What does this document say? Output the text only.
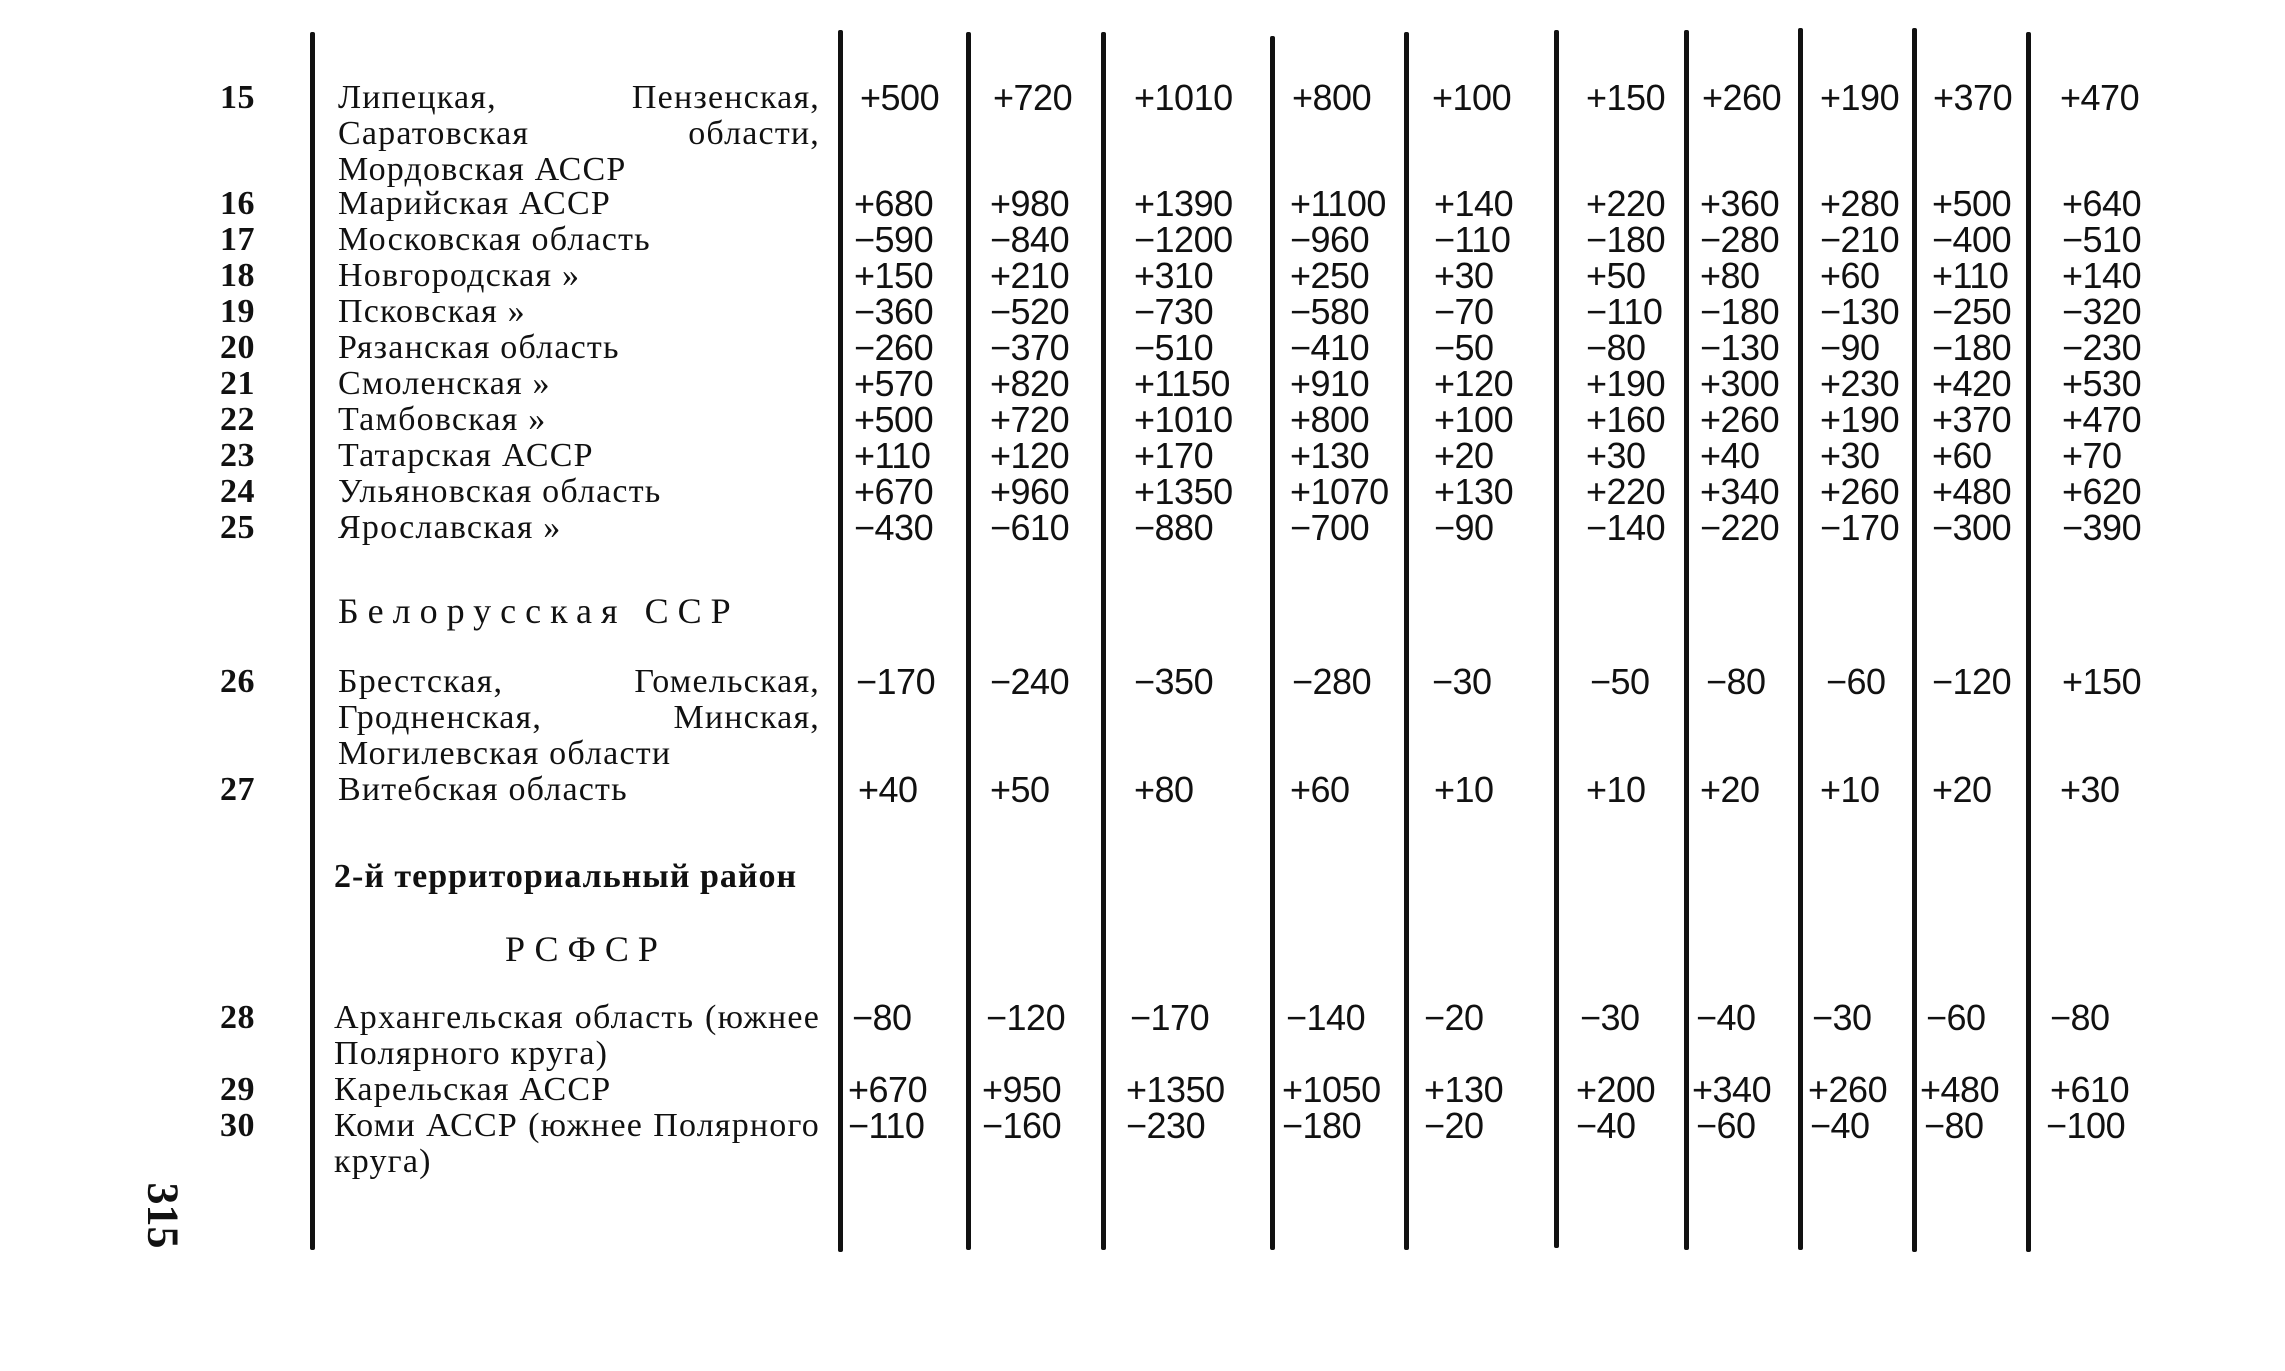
15	Липецкая, Пензенская, Саратовская области, Мордовская АССР
+500 +720 +1010 +800 +100 +150 +260 +190 +370 +470
16	Марийская АССР	+680 +980 +1390 +1100 +140 +220 +360 +280 +500 +640
17	Московская область	−590 −840 −1200 −960 −110 −180 −280 −210 −400 −510
18	Новгородская »	+150 +210 +310 +250 +30	+50 +80 +60 +110 +140
19	Псковская »	−360 −520 −730 −580 −70	−110 −180 −130 −250 −320
20	Рязанская область	−260 −370 −510 −410 −50	−80 −130 −90 −180 −230
21	Смоленская »	+570 +820 +1150 +910 +120 +190 +300 +230 +420 +530
22	Тамбовская »	+500 +720 +1010 +800 +100 +160 +260 +190 +370 +470
23	Татарская АССР	+110 +120 +170 +130 +20	+30 +40 +30 +60 +70
24	Ульяновская область	+670 +960 +1350 +1070 +130 +220 +340 +260 +480 +620
25	Ярославская »	−430 −610 −880 −700 −90	−140 −220 −170 −300 −390
Белорусская ССР
26	Брестская, Гомельская, Гродненская, Минская, Могилевская области
−170 −240 −350 −280 −30	−50 −80 −60 −120 +150
27	Витебская область	+40 +50 +80	+60 +10	+10 +20 +10 +20 +30
2-й территориальный район
РСФСР
28	Архангельская область (южнее Полярного круга)
−80 −120 −170 −140 −20	−30 −40 −30 −60 −80
29	Карельская АССР	+670 +950 +1350 +1050 +130 +200 +340 +260 +480 +610
30	Коми АССР (южнее Полярного круга)
−110 −160 −230 −180 −20	−40 −60 −40 −80 −100
315
